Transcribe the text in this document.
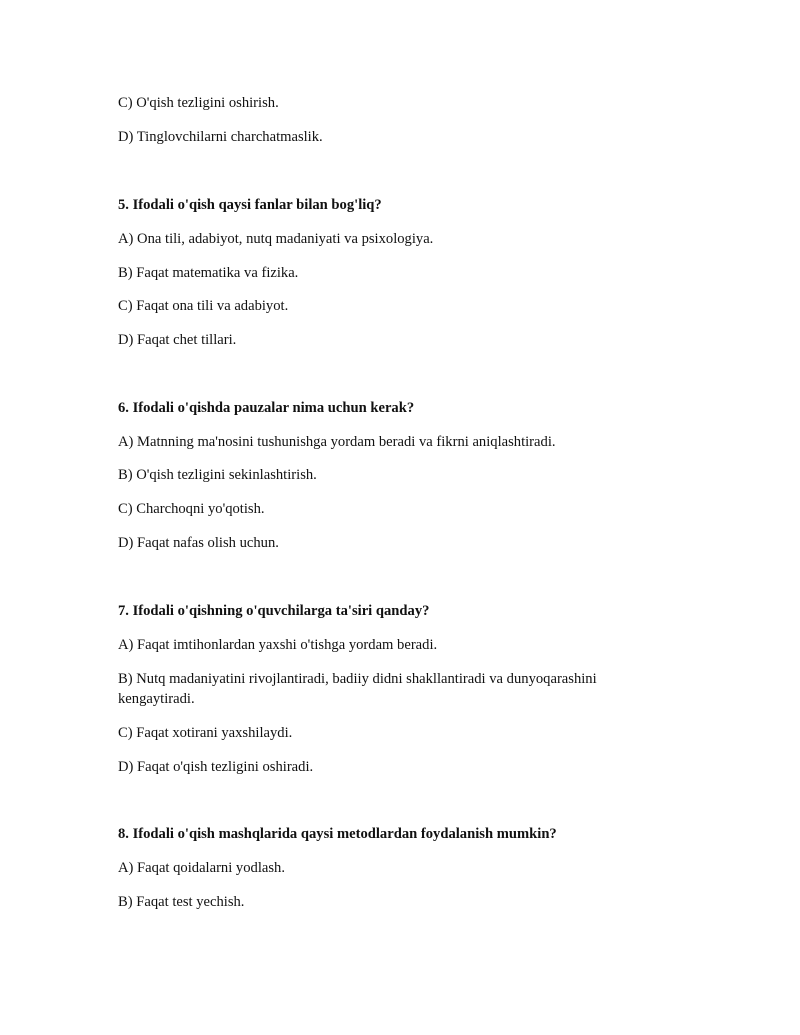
C) O'qish tezligini oshirish.
D) Tinglovchilarni charchatmaslik.
5. Ifodali o'qish qaysi fanlar bilan bog'liq?
A) Ona tili, adabiyot, nutq madaniyati va psixologiya.
B) Faqat matematika va fizika.
C) Faqat ona tili va adabiyot.
D) Faqat chet tillari.
6. Ifodali o'qishda pauzalar nima uchun kerak?
A) Matnning ma'nosini tushunishga yordam beradi va fikrni aniqlashtiradi.
B) O'qish tezligini sekinlashtirish.
C) Charchoqni yo'qotish.
D) Faqat nafas olish uchun.
7. Ifodali o'qishning o'quvchilarga ta'siri qanday?
A) Faqat imtihonlardan yaxshi o'tishga yordam beradi.
B) Nutq madaniyatini rivojlantiradi, badiiy didni shakllantiradi va dunyoqarashini kengaytiradi.
C) Faqat xotirani yaxshilaydi.
D) Faqat o'qish tezligini oshiradi.
8. Ifodali o'qish mashqlarida qaysi metodlardan foydalanish mumkin?
A) Faqat qoidalarni yodlash.
B) Faqat test yechish.
